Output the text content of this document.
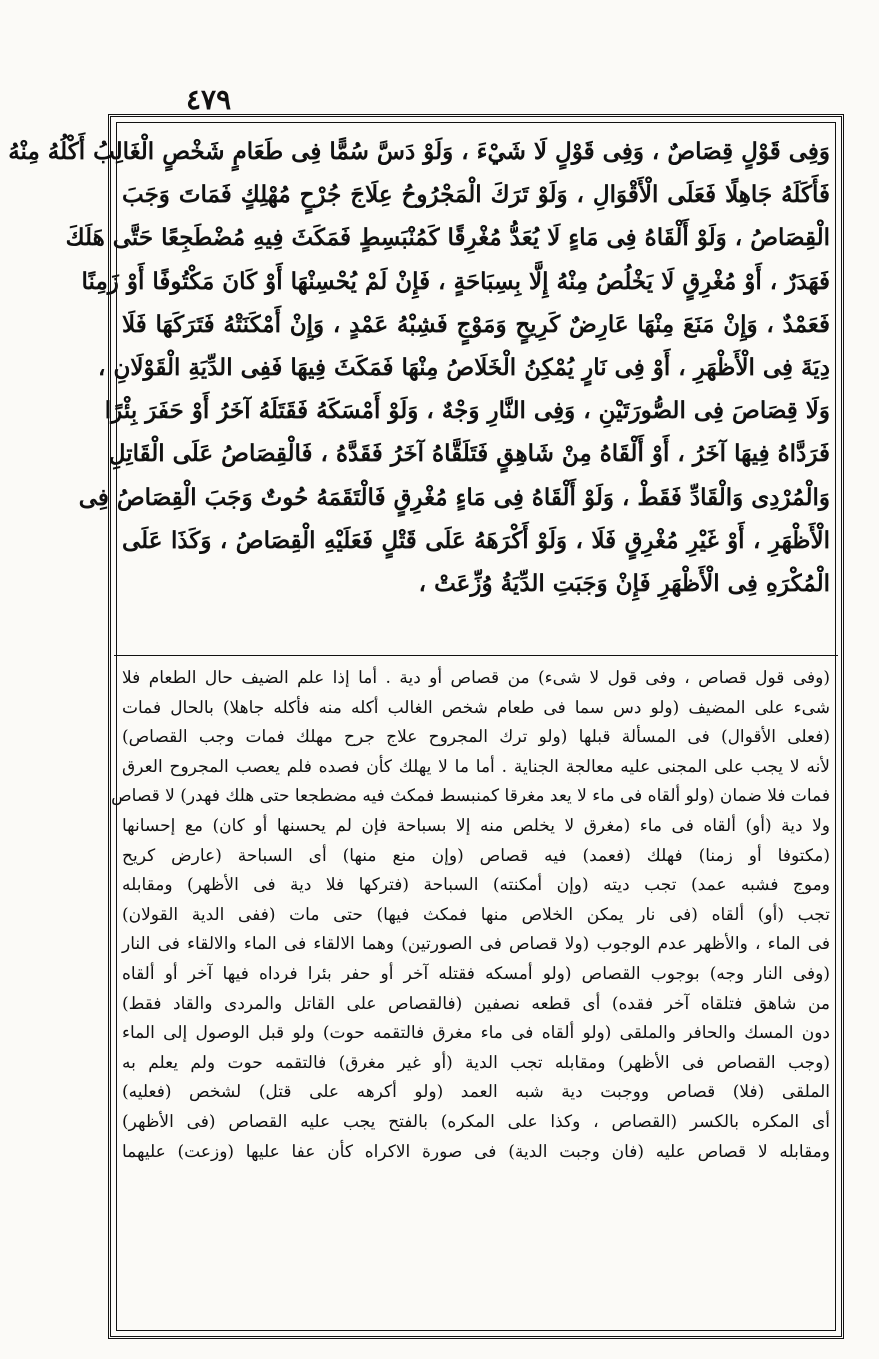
٤٧٩
وَفِى قَوْلٍ قِصَاصٌ ، وَفِى قَوْلٍ لَا شَيْءَ ، وَلَوْ دَسَّ سُمًّا فِى طَعَامٍ شَخْصٍ الْغَالِبُ أَكْلُهُ مِنْهُ
فَأَكَلَهُ جَاهِلًا فَعَلَى الْأَقْوَالِ ، وَلَوْ تَرَكَ الْمَجْرُوحُ عِلَاجَ جُرْحٍ مُهْلِكٍ فَمَاتَ وَجَبَ
الْقِصَاصُ ، وَلَوْ أَلْقَاهُ فِى مَاءٍ لَا يُعَدُّ مُغْرِقًا كَمُنْبَسِطٍ فَمَكَثَ فِيهِ مُضْطَجِعًا حَتَّى هَلَكَ
فَهَدَرٌ ، أَوْ مُغْرِقٍ لَا يَخْلُصُ مِنْهُ إِلَّا بِسِبَاحَةٍ ، فَإِنْ لَمْ يُحْسِنْهَا أَوْ كَانَ مَكْتُوفًا أَوْ زَمِنًا
فَعَمْدٌ ، وَإِنْ مَنَعَ مِنْهَا عَارِضٌ كَرِيحٍ وَمَوْجٍ فَشِبْهُ عَمْدٍ ، وَإِنْ أَمْكَنَتْهُ فَتَرَكَهَا فَلَا
دِيَةَ فِى الْأَظْهَرِ ، أَوْ فِى نَارٍ يُمْكِنُ الْخَلَاصُ مِنْهَا فَمَكَثَ فِيهَا فَفِى الدِّيَةِ الْقَوْلَانِ ،
وَلَا قِصَاصَ فِى الصُّورَتَيْنِ ، وَفِى النَّارِ وَجْهٌ ، وَلَوْ أَمْسَكَهُ فَقَتَلَهُ آخَرُ أَوْ حَفَرَ بِئْرًا
فَرَدَّاهُ فِيهَا آخَرُ ، أَوْ أَلْقَاهُ مِنْ شَاهِقٍ فَتَلَقَّاهُ آخَرُ فَقَدَّهُ ، فَالْقِصَاصُ عَلَى الْقَاتِلِ
وَالْمُرْدِى وَالْقَادِّ فَقَطْ ، وَلَوْ أَلْقَاهُ فِى مَاءٍ مُغْرِقٍ فَالْتَقَمَهُ حُوتٌ وَجَبَ الْقِصَاصُ فِى
الْأَظْهَرِ ، أَوْ غَيْرِ مُغْرِقٍ فَلَا ، وَلَوْ أَكْرَهَهُ عَلَى قَتْلٍ فَعَلَيْهِ الْقِصَاصُ ، وَكَذَا عَلَى
الْمُكْرَهِ فِى الْأَظْهَرِ فَإِنْ وَجَبَتِ الدِّيَةُ وُزِّعَتْ ،
(وفى قول قصاص ، وفى قول لا شىء) من قصاص أو دية . أما إذا علم الضيف حال الطعام فلا
شىء على المضيف (ولو دس سما فى طعام شخص الغالب أكله منه فأكله جاهلا) بالحال فمات
(فعلى الأقوال) فى المسألة قبلها (ولو ترك المجروح علاج جرح مهلك فمات وجب القصاص)
لأنه لا يجب على المجنى عليه معالجة الجناية . أما ما لا يهلك كأن فصده فلم يعصب المجروح العرق
فمات فلا ضمان (ولو ألقاه فى ماء لا يعد مغرقا كمنبسط فمكث فيه مضطجعا حتى هلك فهدر) لا قصاص
ولا دية (أو) ألقاه فى ماء (مغرق لا يخلص منه إلا بسباحة فإن لم يحسنها أو كان) مع إحسانها
(مكتوفا أو زمنا) فهلك (فعمد) فيه قصاص (وإن منع منها) أى السباحة (عارض كريح
وموج فشبه عمد) تجب ديته (وإن أمكنته) السباحة (فتركها فلا دية فى الأظهر) ومقابله
تجب (أو) ألقاه (فى نار يمكن الخلاص منها فمكث فيها) حتى مات (ففى الدية القولان)
فى الماء ، والأظهر عدم الوجوب (ولا قصاص فى الصورتين) وهما الالقاء فى الماء والالقاء فى النار
(وفى النار وجه) بوجوب القصاص (ولو أمسكه فقتله آخر أو حفر بئرا فرداه فيها آخر أو ألقاه
من شاهق فتلقاه آخر فقده) أى قطعه نصفين (فالقصاص على القاتل والمردى والقاد فقط)
دون المسك والحافر والملقى (ولو ألقاه فى ماء مغرق فالتقمه حوت) ولو قبل الوصول إلى الماء
(وجب القصاص فى الأظهر) ومقابله تجب الدية (أو غير مغرق) فالتقمه حوت ولم يعلم به
الملقى (فلا) قصاص ووجبت دية شبه العمد (ولو أكرهه على قتل) لشخص (فعليه)
أى المكره بالكسر (القصاص ، وكذا على المكره) بالفتح يجب عليه القصاص (فى الأظهر)
ومقابله لا قصاص عليه (فان وجبت الدية) فى صورة الاكراه كأن عفا عليها (وزعت) عليهما
